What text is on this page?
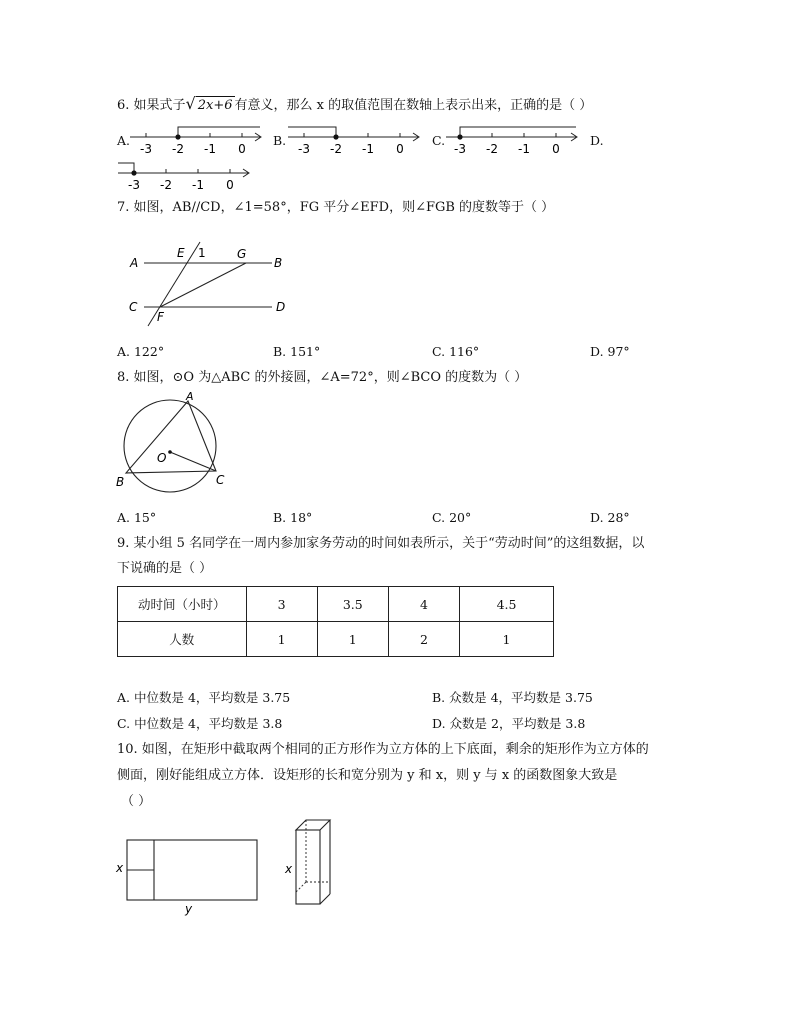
6. 如果式子√ 2x+6 有意义，那么 x 的取值范围在数轴上表示出来，正确的是（ ）
A.
-3 -2 -1 0
B.
-3 -2 -1 0
C.
-3 -2 -1 0
D.
-3 -2 -1 0
7. 如图，AB//CD，∠1=58°，FG 平分∠EFD，则∠FGB 的度数等于（ ）
A
E 1	G
B
C	D
F
A. 122°	B. 151°	C. 116°	D. 97°
8. 如图，⊙O 为△ABC 的外接圆，∠A=72°，则∠BCO 的度数为（ ）
A
O
B	C
A. 15°	B. 18°	C. 20°	D. 28°
9. 某小组 5 名同学在一周内参加家务劳动的时间如表所示，关于“劳动时间”的这组数据，以
下说确的是（ ）
动时间（小时）	3	3.5	4	4.5
人数	1	1	2	1
A. 中位数是 4，平均数是 3.75	B. 众数是 4，平均数是 3.75
C. 中位数是 4，平均数是 3.8	D. 众数是 2，平均数是 3.8
10. 如图，在矩形中截取两个相同的正方形作为立方体的上下底面，剩余的矩形作为立方体的
侧面，刚好能组成立方体．设矩形的长和宽分别为 y 和 x，则 y 与 x 的函数图象大致是
（ ）
x
y
x
